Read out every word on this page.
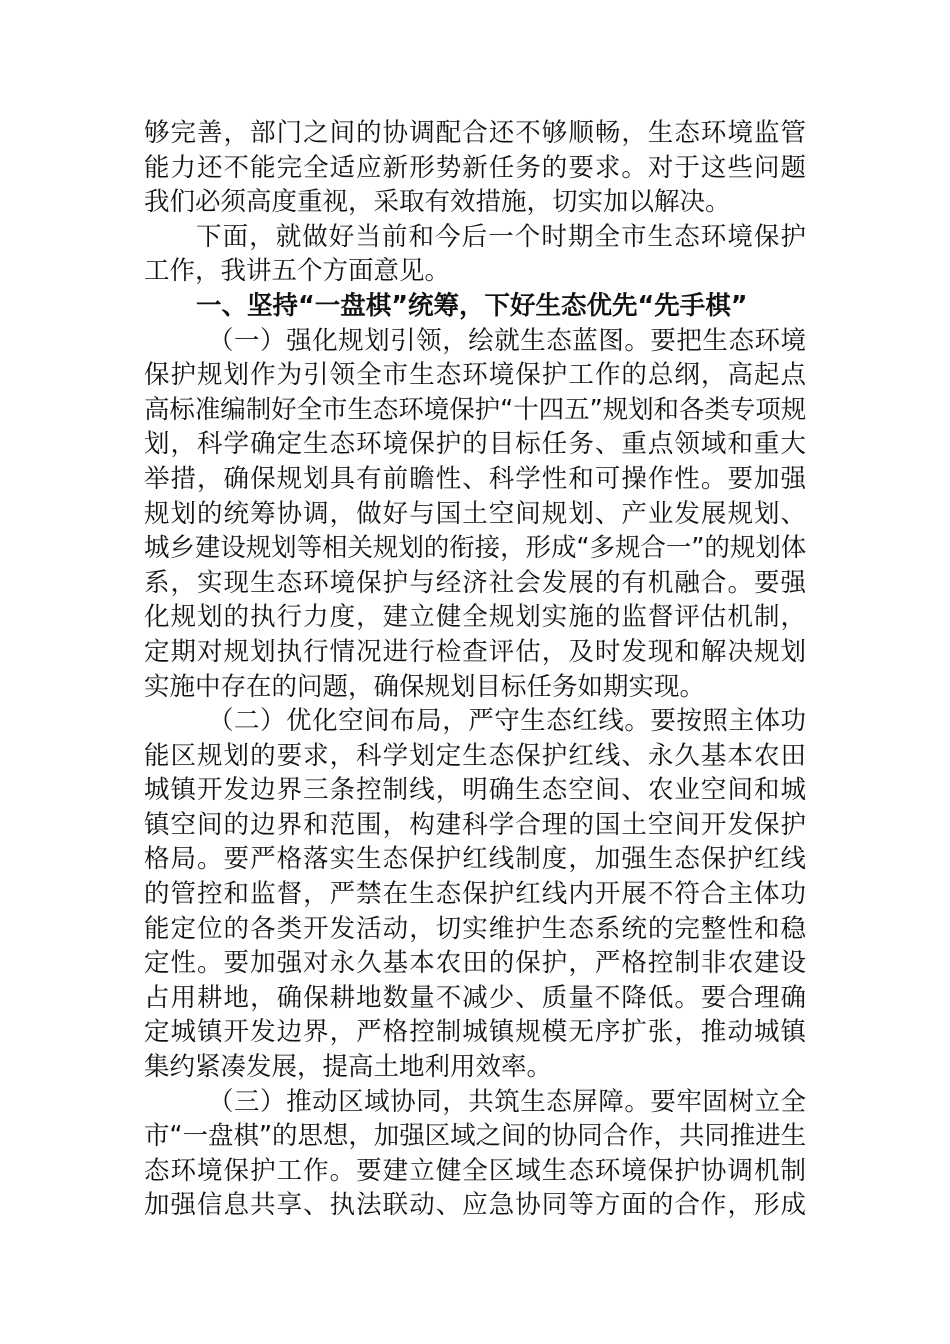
够完善，部门之间的协调配合还不够顺畅，生态环境监管
能力还不能完全适应新形势新任务的要求。对于这些问题
我们必须高度重视，采取有效措施，切实加以解决。
下面，就做好当前和今后一个时期全市生态环境保护
工作，我讲五个方面意见。
一、坚持“一盘棋”统筹，下好生态优先“先手棋”
（一）强化规划引领，绘就生态蓝图。要把生态环境
保护规划作为引领全市生态环境保护工作的总纲，高起点
高标准编制好全市生态环境保护“十四五”规划和各类专项规
划，科学确定生态环境保护的目标任务、重点领域和重大
举措，确保规划具有前瞻性、科学性和可操作性。要加强
规划的统筹协调，做好与国土空间规划、产业发展规划、
城乡建设规划等相关规划的衔接，形成“多规合一”的规划体
系，实现生态环境保护与经济社会发展的有机融合。要强
化规划的执行力度，建立健全规划实施的监督评估机制，
定期对规划执行情况进行检查评估，及时发现和解决规划
实施中存在的问题，确保规划目标任务如期实现。
（二）优化空间布局，严守生态红线。要按照主体功
能区规划的要求，科学划定生态保护红线、永久基本农田
城镇开发边界三条控制线，明确生态空间、农业空间和城
镇空间的边界和范围，构建科学合理的国土空间开发保护
格局。要严格落实生态保护红线制度，加强生态保护红线
的管控和监督，严禁在生态保护红线内开展不符合主体功
能定位的各类开发活动，切实维护生态系统的完整性和稳
定性。要加强对永久基本农田的保护，严格控制非农建设
占用耕地，确保耕地数量不减少、质量不降低。要合理确
定城镇开发边界，严格控制城镇规模无序扩张，推动城镇
集约紧凑发展，提高土地利用效率。
（三）推动区域协同，共筑生态屏障。要牢固树立全
市“一盘棋”的思想，加强区域之间的协同合作，共同推进生
态环境保护工作。要建立健全区域生态环境保护协调机制
加强信息共享、执法联动、应急协同等方面的合作，形成
